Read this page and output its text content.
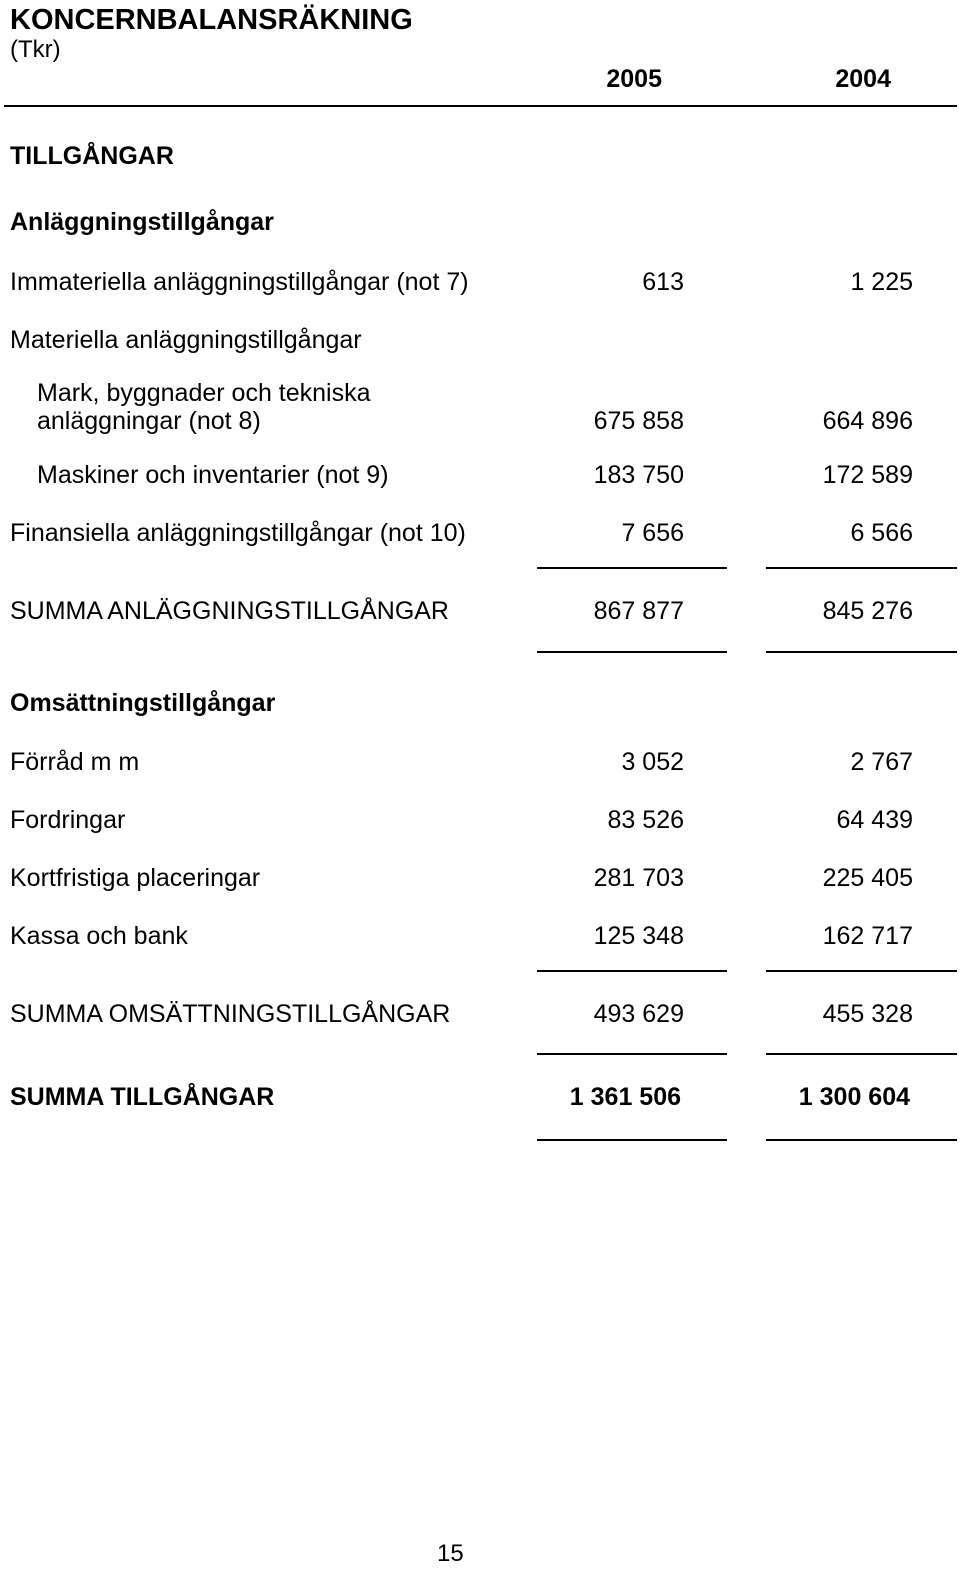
KONCERNBALANSRÄKNING
(Tkr)
2005	2004
TILLGÅNGAR
Anläggningstillgångar
Immateriella anläggningstillgångar (not 7)	613	1 225
Materiella anläggningstillgångar
Mark, byggnader och tekniska
anläggningar (not 8)	675 858	664 896
Maskiner och inventarier (not 9)	183 750	172 589
Finansiella anläggningstillgångar (not 10)	7 656	6 566
SUMMA ANLÄGGNINGSTILLGÅNGAR	867 877	845 276
Omsättningstillgångar
Förråd m m	3 052	2 767
Fordringar	83 526	64 439
Kortfristiga placeringar	281 703	225 405
Kassa och bank	125 348	162 717
SUMMA OMSÄTTNINGSTILLGÅNGAR	493 629	455 328
SUMMA TILLGÅNGAR	1 361 506	1 300 604
15
